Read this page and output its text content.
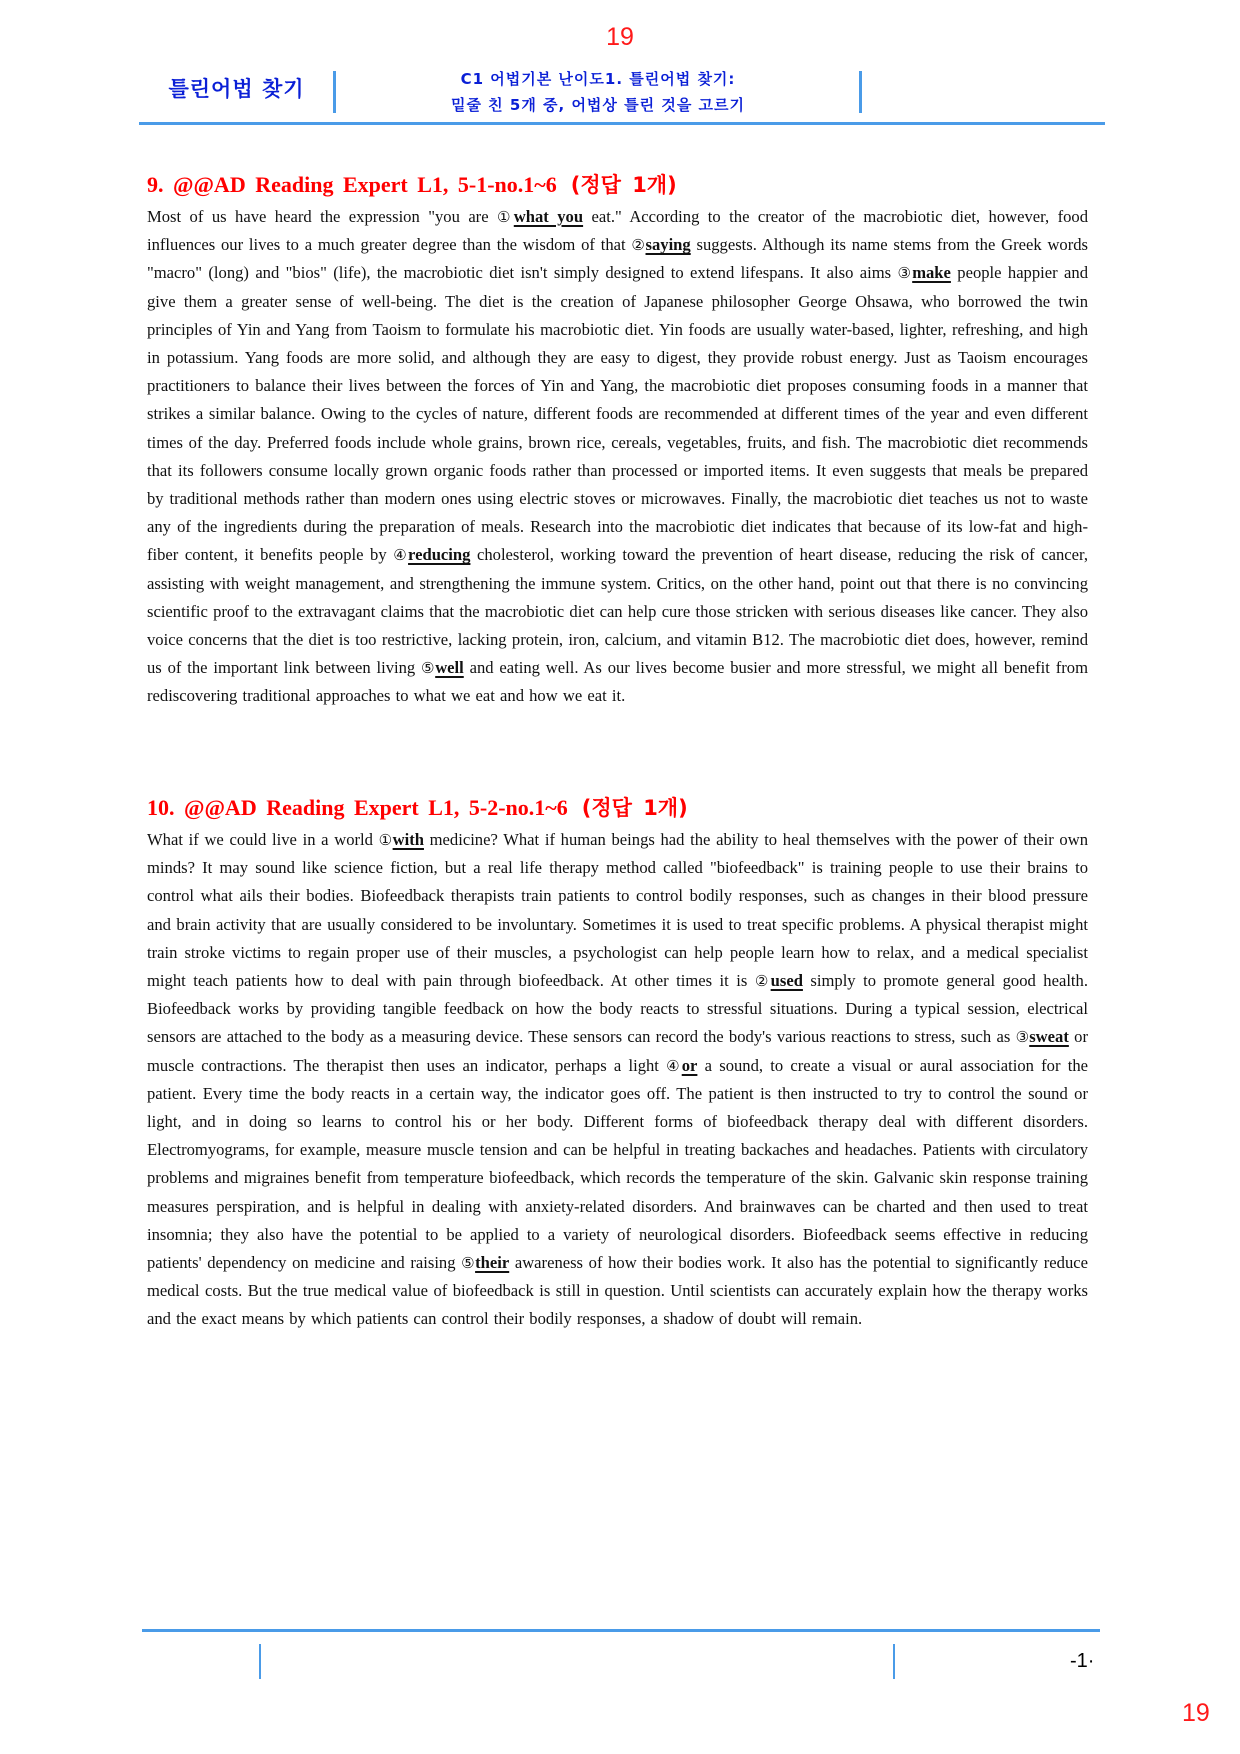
19
틀린어법 찾기	C1 어법기본 난이도1. 틀린어법 찾기:
밑줄 친 5개 중, 어법상 틀린 것을 고르기
9. @@AD Reading Expert L1, 5-1-no.1~6 (정답 1개)

Most of us have heard the expression "you are ①what you eat." According to the creator of the macrobiotic diet, however, food influences our lives to a much greater degree than the wisdom of that ②saying suggests. Although its name stems from the Greek words "macro" (long) and "bios" (life), the macrobiotic diet isn't simply designed to extend lifespans. It also aims ③make people happier and give them a greater sense of well-being. The diet is the creation of Japanese philosopher George Ohsawa, who borrowed the twin principles of Yin and Yang from Taoism to formulate his macrobiotic diet. Yin foods are usually water-based, lighter, refreshing, and high in potassium. Yang foods are more solid, and although they are easy to digest, they provide robust energy. Just as Taoism encourages practitioners to balance their lives between the forces of Yin and Yang, the macrobiotic diet proposes consuming foods in a manner that strikes a similar balance. Owing to the cycles of nature, different foods are recommended at different times of the year and even different times of the day. Preferred foods include whole grains, brown rice, cereals, vegetables, fruits, and fish. The macrobiotic diet recommends that its followers consume locally grown organic foods rather than processed or imported items. It even suggests that meals be prepared by traditional methods rather than modern ones using electric stoves or microwaves. Finally, the macrobiotic diet teaches us not to waste any of the ingredients during the preparation of meals. Research into the macrobiotic diet indicates that because of its low-fat and high-fiber content, it benefits people by ④reducing cholesterol, working toward the prevention of heart disease, reducing the risk of cancer, assisting with weight management, and strengthening the immune system. Critics, on the other hand, point out that there is no convincing scientific proof to the extravagant claims that the macrobiotic diet can help cure those stricken with serious diseases like cancer. They also voice concerns that the diet is too restrictive, lacking protein, iron, calcium, and vitamin B12. The macrobiotic diet does, however, remind us of the important link between living ⑤well and eating well. As our lives become busier and more stressful, we might all benefit from rediscovering traditional approaches to what we eat and how we eat it.

10. @@AD Reading Expert L1, 5-2-no.1~6 (정답 1개)

What if we could live in a world ①with medicine? What if human beings had the ability to heal themselves with the power of their own minds? It may sound like science fiction, but a real life therapy method called "biofeedback" is training people to use their brains to control what ails their bodies. Biofeedback therapists train patients to control bodily responses, such as changes in their blood pressure and brain activity that are usually considered to be involuntary. Sometimes it is used to treat specific problems. A physical therapist might train stroke victims to regain proper use of their muscles, a psychologist can help people learn how to relax, and a medical specialist might teach patients how to deal with pain through biofeedback. At other times it is ②used simply to promote general good health. Biofeedback works by providing tangible feedback on how the body reacts to stressful situations. During a typical session, electrical sensors are attached to the body as a measuring device. These sensors can record the body's various reactions to stress, such as ③sweat or muscle contractions. The therapist then uses an indicator, perhaps a light ④or a sound, to create a visual or aural association for the patient. Every time the body reacts in a certain way, the indicator goes off. The patient is then instructed to try to control the sound or light, and in doing so learns to control his or her body. Different forms of biofeedback therapy deal with different disorders. Electromyograms, for example, measure muscle tension and can be helpful in treating backaches and headaches. Patients with circulatory problems and migraines benefit from temperature biofeedback, which records the temperature of the skin. Galvanic skin response training measures perspiration, and is helpful in dealing with anxiety-related disorders. And brainwaves can be charted and then used to treat insomnia; they also have the potential to be applied to a variety of neurological disorders. Biofeedback seems effective in reducing patients' dependency on medicine and raising ⑤their awareness of how their bodies work. It also has the potential to significantly reduce medical costs. But the true medical value of biofeedback is still in question. Until scientists can accurately explain how the therapy works and the exact means by which patients can control their bodily responses, a shadow of doubt will remain.

-1·
19
